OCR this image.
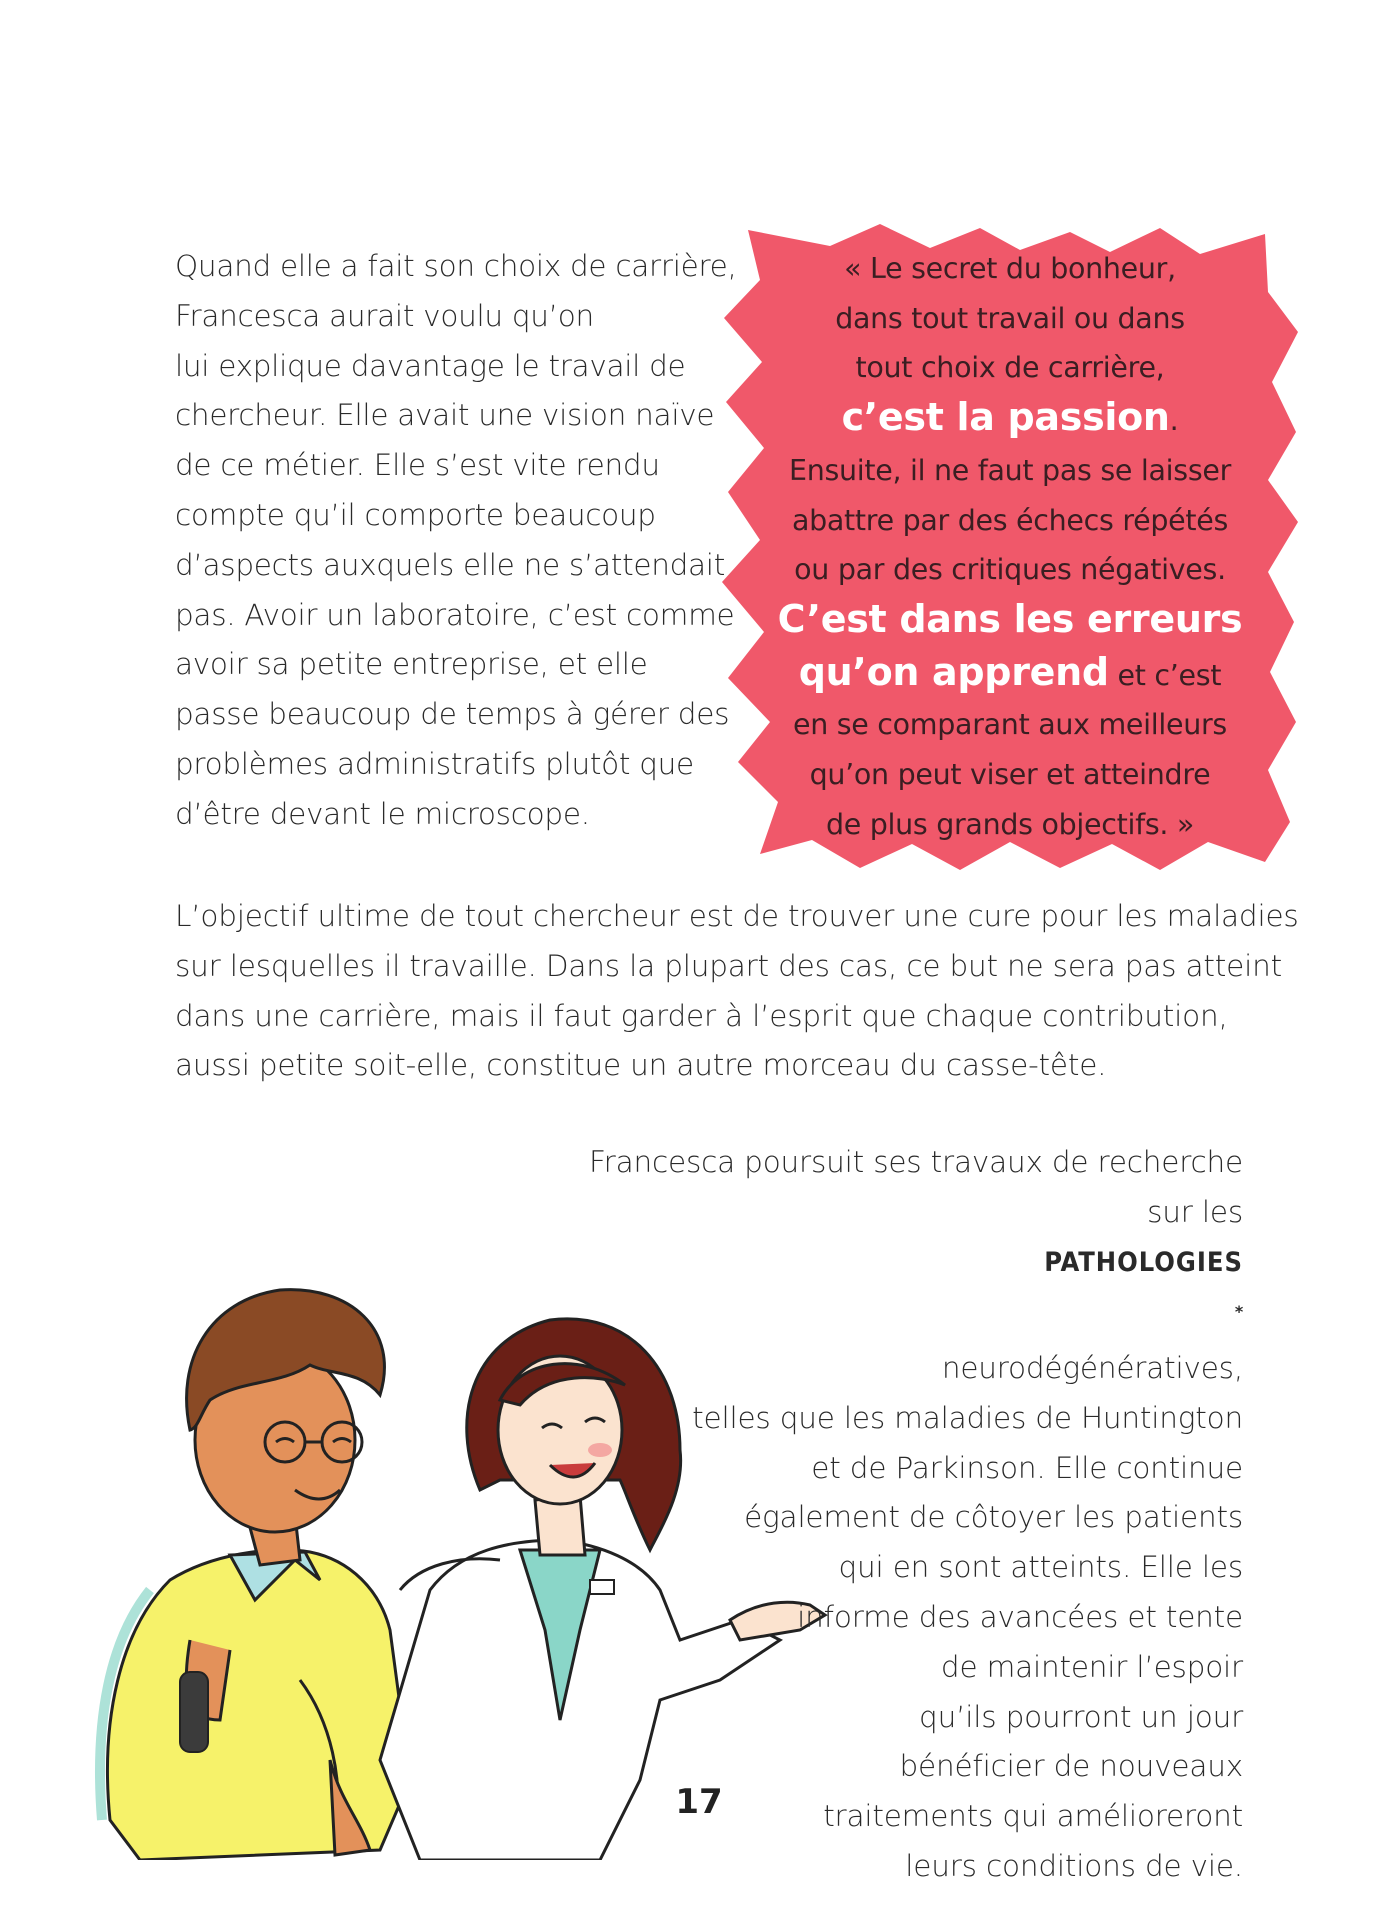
Quand elle a fait son choix de carrière,
Francesca aurait voulu qu’on
lui explique davantage le travail de
chercheur. Elle avait une vision naïve
de ce métier. Elle s’est vite rendu
compte qu’il comporte beaucoup
d’aspects auxquels elle ne s’attendait
pas. Avoir un laboratoire, c’est comme
avoir sa petite entreprise, et elle
passe beaucoup de temps à gérer des
problèmes administratifs plutôt que
d’être devant le microscope.

« Le secret du bonheur,
dans tout travail ou dans
tout choix de carrière,
c’est la passion.
Ensuite, il ne faut pas se laisser
abattre par des échecs répétés
ou par des critiques négatives.
C’est dans les erreurs
qu’on apprend et c’est
en se comparant aux meilleurs
qu’on peut viser et atteindre
de plus grands objectifs. »

L’objectif ultime de tout chercheur est de trouver une cure pour les maladies
sur lesquelles il travaille. Dans la plupart des cas, ce but ne sera pas atteint
dans une carrière, mais il faut garder à l’esprit que chaque contribution,
aussi petite soit-elle, constitue un autre morceau du casse-tête.

Francesca poursuit ses travaux de recherche
sur les
PATHOLOGIES
*
neurodégénératives,
telles que les maladies de Huntington
et de Parkinson. Elle continue
également de côtoyer les patients
qui en sont atteints. Elle les
informe des avancées et tente
de maintenir l’espoir
qu’ils pourront un jour
bénéficier de nouveaux
traitements qui amélioreront
leurs conditions de vie.

17
